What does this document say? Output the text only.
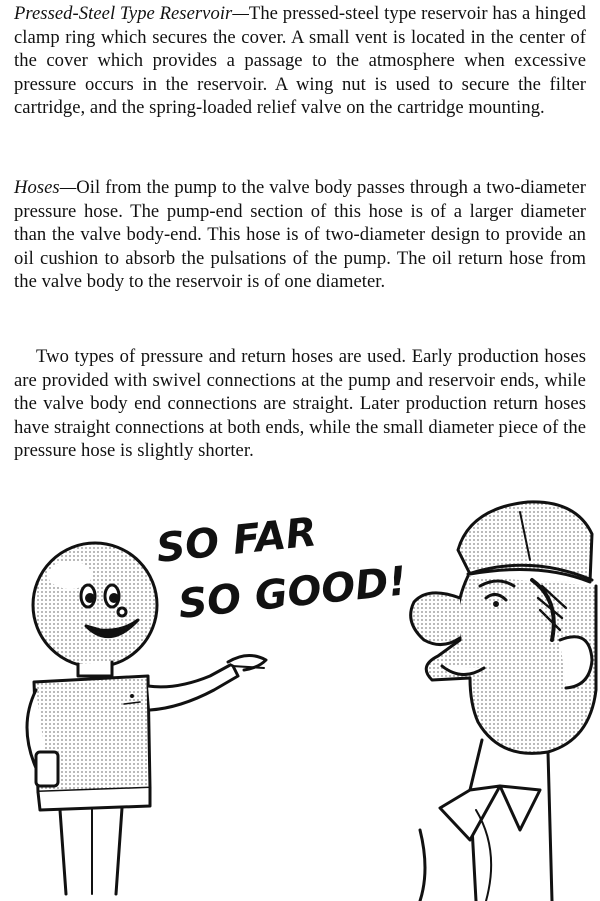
Pressed-Steel Type Reservoir—The pressed-steel type reservoir has a hinged clamp ring which secures the cover. A small vent is located in the center of the cover which provides a passage to the atmosphere when excessive pressure occurs in the reservoir. A wing nut is used to secure the filter cartridge, and the spring-loaded relief valve on the cartridge mounting.
Hoses—Oil from the pump to the valve body passes through a two-diameter pressure hose. The pump-end section of this hose is of a larger diameter than the valve body-end. This hose is of two-diameter design to provide an oil cushion to absorb the pulsations of the pump. The oil return hose from the valve body to the reservoir is of one diameter.
Two types of pressure and return hoses are used. Early production hoses are provided with swivel connections at the pump and reservoir ends, while the valve body end connections are straight. Later production return hoses have straight connections at both ends, while the small diameter piece of the pressure hose is slightly shorter.
SO FAR
SO GOOD!
